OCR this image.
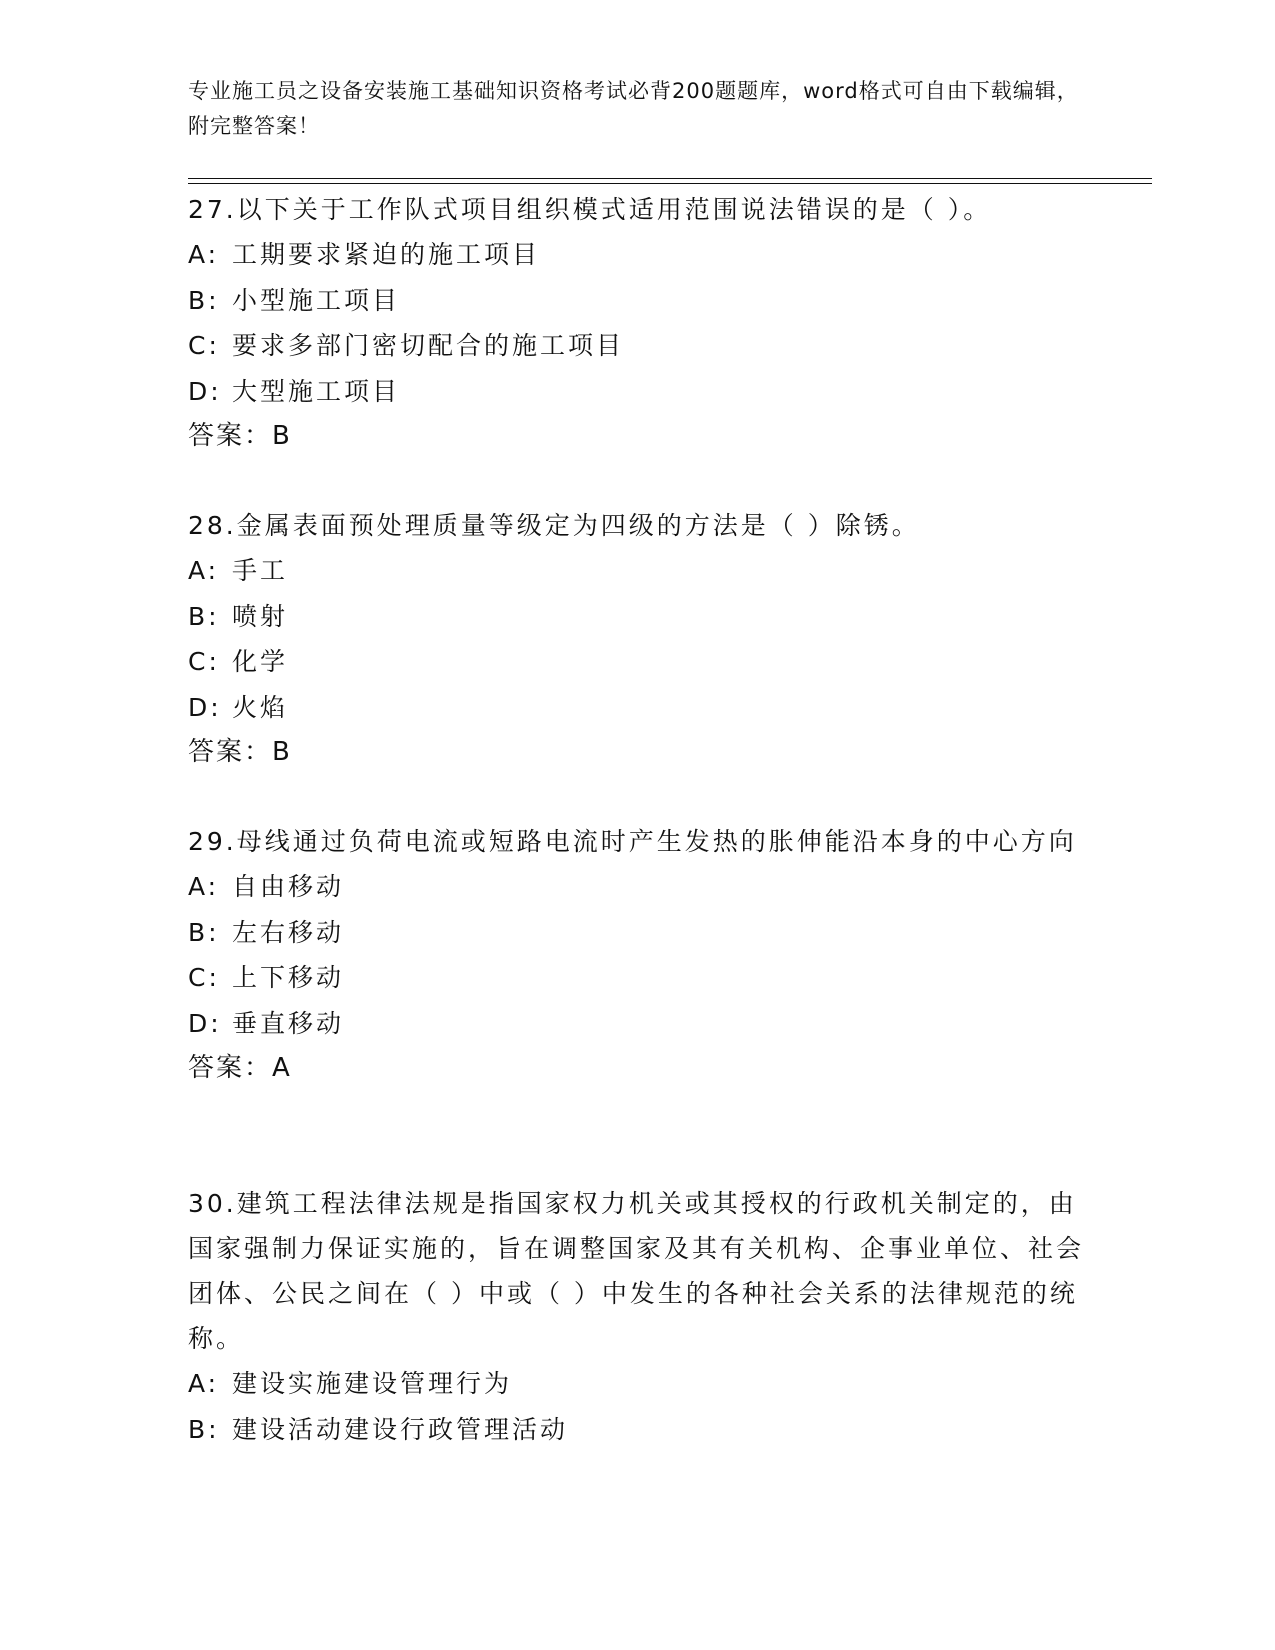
专业施工员之设备安装施工基础知识资格考试必背200题题库，word格式可自由下载编辑，附完整答案！
27.以下关于工作队式项目组织模式适用范围说法错误的是（ ）。
A: 工期要求紧迫的施工项目
B: 小型施工项目
C: 要求多部门密切配合的施工项目
D: 大型施工项目
答案：B
28.金属表面预处理质量等级定为四级的方法是（ ）除锈。
A: 手工
B: 喷射
C: 化学
D: 火焰
答案：B
29.母线通过负荷电流或短路电流时产生发热的胀伸能沿本身的中心方向
A: 自由移动
B: 左右移动
C: 上下移动
D: 垂直移动
答案：A
30.建筑工程法律法规是指国家权力机关或其授权的行政机关制定的，由国家强制力保证实施的，旨在调整国家及其有关机构、企事业单位、社会团体、公民之间在（ ）中或（ ）中发生的各种社会关系的法律规范的统称。
A: 建设实施建设管理行为
B: 建设活动建设行政管理活动
